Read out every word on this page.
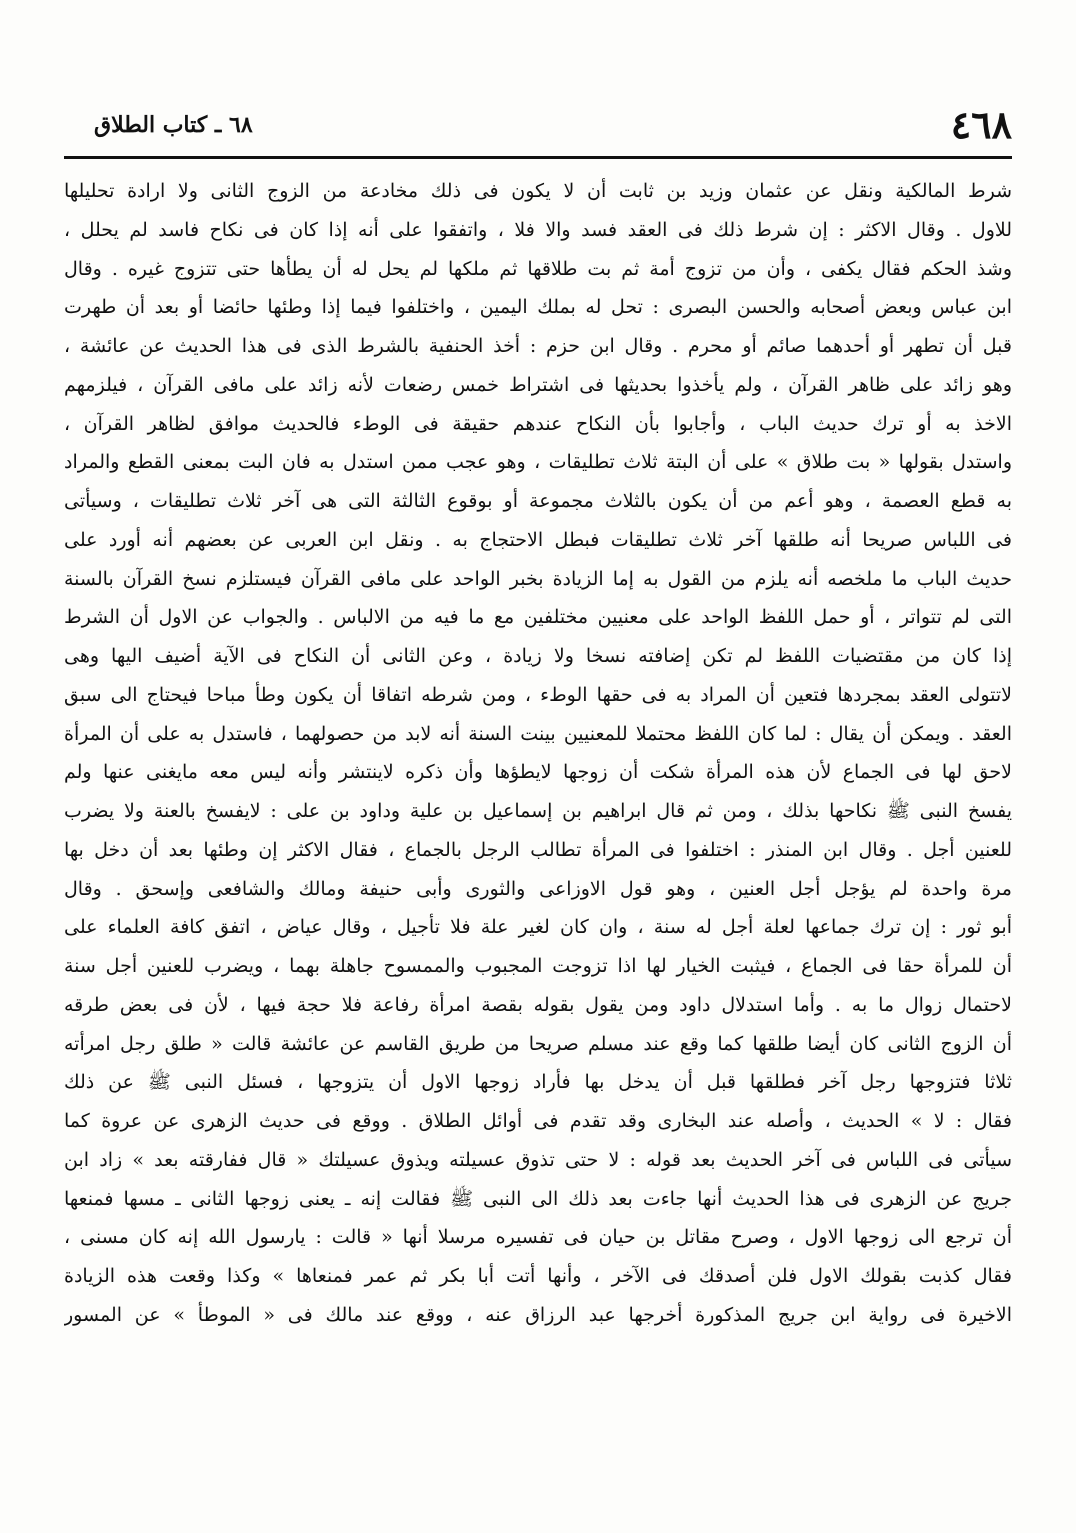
٤٦٨
٦٨ ـ كتاب الطلاق
شرط المالكية ونقل عن عثمان وزيد بن ثابت أن لا يكون فى ذلك مخادعة من الزوج الثانى ولا ارادة تحليلها
للاول . وقال الاكثر : إن شرط ذلك فى العقد فسد والا فلا ، واتفقوا على أنه إذا كان فى نكاح فاسد لم يحلل ،
وشذ الحكم فقال يكفى ، وأن من تزوج أمة ثم بت طلاقها ثم ملكها لم يحل له أن يطأها حتى تتزوج غيره . وقال
ابن عباس وبعض أصحابه والحسن البصرى : تحل له بملك اليمين ، واختلفوا فيما إذا وطئها حائضا أو بعد أن طهرت
قبل أن تطهر أو أحدهما صائم أو محرم . وقال ابن حزم : أخذ الحنفية بالشرط الذى فى هذا الحديث عن عائشة ،
وهو زائد على ظاهر القرآن ، ولم يأخذوا بحديثها فى اشتراط خمس رضعات لأنه زائد على مافى القرآن ، فيلزمهم
الاخذ به أو ترك حديث الباب ، وأجابوا بأن النكاح عندهم حقيقة فى الوطء فالحديث موافق لظاهر القرآن ،
واستدل بقولها « بت طلاق » على أن البتة ثلاث تطليقات ، وهو عجب ممن استدل به فان البت بمعنى القطع والمراد
به قطع العصمة ، وهو أعم من أن يكون بالثلاث مجموعة أو بوقوع الثالثة التى هى آخر ثلاث تطليقات ، وسيأتى
فى اللباس صريحا أنه طلقها آخر ثلاث تطليقات فبطل الاحتجاج به . ونقل ابن العربى عن بعضهم أنه أورد على
حديث الباب ما ملخصه أنه يلزم من القول به إما الزيادة بخبر الواحد على مافى القرآن فيستلزم نسخ القرآن بالسنة
التى لم تتواتر ، أو حمل اللفظ الواحد على معنيين مختلفين مع ما فيه من الالباس . والجواب عن الاول أن الشرط
إذا كان من مقتضيات اللفظ لم تكن إضافته نسخا ولا زيادة ، وعن الثانى أن النكاح فى الآية أضيف اليها وهى
لاتتولى العقد بمجردها فتعين أن المراد به فى حقها الوطء ، ومن شرطه اتفاقا أن يكون وطأ مباحا فيحتاج الى سبق
العقد . ويمكن أن يقال : لما كان اللفظ محتملا للمعنيين بينت السنة أنه لابد من حصولهما ، فاستدل به على أن المرأة
لاحق لها فى الجماع لأن هذه المرأة شكت أن زوجها لايطؤها وأن ذكره لاينتشر وأنه ليس معه مايغنى عنها ولم
يفسخ النبى ﷺ نكاحها بذلك ، ومن ثم قال ابراهيم بن إسماعيل بن علية وداود بن على : لايفسخ بالعنة ولا يضرب
للعنين أجل . وقال ابن المنذر : اختلفوا فى المرأة تطالب الرجل بالجماع ، فقال الاكثر إن وطئها بعد أن دخل بها
مرة واحدة لم يؤجل أجل العنين ، وهو قول الاوزاعى والثورى وأبى حنيفة ومالك والشافعى وإسحق . وقال
أبو ثور : إن ترك جماعها لعلة أجل له سنة ، وان كان لغير علة فلا تأجيل ، وقال عياض ، اتفق كافة العلماء على
أن للمرأة حقا فى الجماع ، فيثبت الخيار لها اذا تزوجت المجبوب والممسوح جاهلة بهما ، ويضرب للعنين أجل سنة
لاحتمال زوال ما به . وأما استدلال داود ومن يقول بقوله بقصة امرأة رفاعة فلا حجة فيها ، لأن فى بعض طرقه
أن الزوج الثانى كان أيضا طلقها كما وقع عند مسلم صريحا من طريق القاسم عن عائشة قالت « طلق رجل امرأته
ثلاثا فتزوجها رجل آخر فطلقها قبل أن يدخل بها فأراد زوجها الاول أن يتزوجها ، فسئل النبى ﷺ عن ذلك
فقال : لا » الحديث ، وأصله عند البخارى وقد تقدم فى أوائل الطلاق . ووقع فى حديث الزهرى عن عروة كما
سيأتى فى اللباس فى آخر الحديث بعد قوله : لا حتى تذوق عسيلته ويذوق عسيلتك « قال ففارقته بعد » زاد ابن
جريج عن الزهرى فى هذا الحديث أنها جاءت بعد ذلك الى النبى ﷺ فقالت إنه ـ يعنى زوجها الثانى ـ مسها فمنعها
أن ترجع الى زوجها الاول ، وصرح مقاتل بن حيان فى تفسيره مرسلا أنها « قالت : يارسول الله إنه كان مسنى ،
فقال كذبت بقولك الاول فلن أصدقك فى الآخر ، وأنها أتت أبا بكر ثم عمر فمنعاها » وكذا وقعت هذه الزيادة
الاخيرة فى رواية ابن جريج المذكورة أخرجها عبد الرزاق عنه ، ووقع عند مالك فى « الموطأ » عن المسور
